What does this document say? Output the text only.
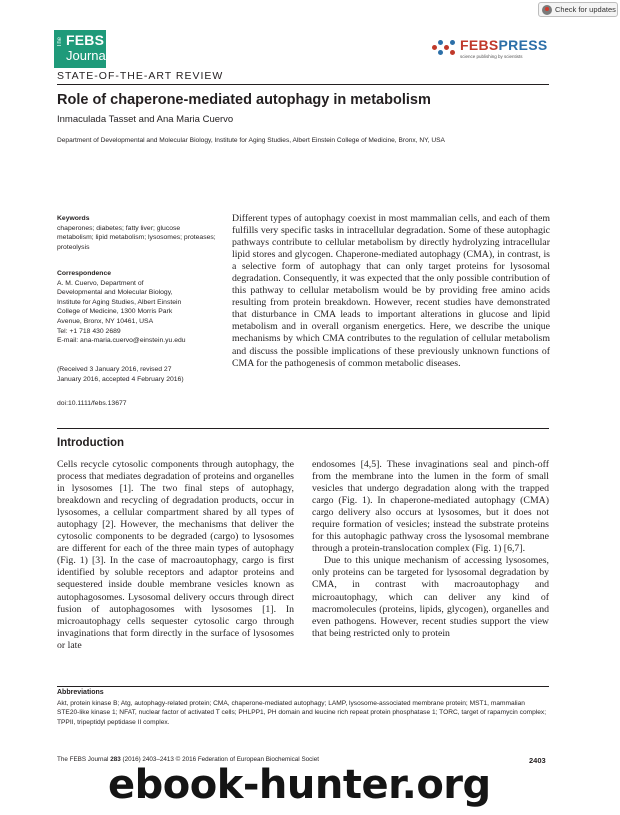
Check for updates
The FEBS
Journal
FEBSPRESS
science publishing by scientists
STATE-OF-THE-ART REVIEW
Role of chaperone-mediated autophagy in metabolism
Inmaculada Tasset and Ana Maria Cuervo
Department of Developmental and Molecular Biology, Institute for Aging Studies, Albert Einstein College of Medicine, Bronx, NY, USA

Keywords

chaperones; diabetes; fatty liver; glucose metabolism; lipid metabolism; lysosomes; proteases; proteolysis

Correspondence

A. M. Cuervo, Department of

Developmental and Molecular Biology,

Institute for Aging Studies, Albert Einstein

College of Medicine, 1300 Morris Park

Avenue, Bronx, NY 10461, USA

Tel: +1 718 430 2689

E-mail: ana-maria.cuervo@einstein.yu.edu

(Received 3 January 2016, revised 27

January 2016, accepted 4 February 2016)

doi:10.1111/febs.13677
Different types of autophagy coexist in most mammalian cells, and each of them fulfills very specific tasks in intracellular degradation. Some of these autophagic pathways contribute to cellular metabolism by directly hydrolyzing intracellular lipid stores and glycogen. Chaperone-mediated autophagy (CMA), in contrast, is a selective form of autophagy that can only target proteins for lysosomal degradation. Consequently, it was expected that the only possible contribution of this pathway to cellular metabolism would be by providing free amino acids resulting from protein breakdown. However, recent studies have demonstrated that disturbance in CMA leads to important alterations in glucose and lipid metabolism and in overall organism energetics. Here, we describe the unique mechanisms by which CMA contributes to the regulation of cellular metabolism and discuss the possible implications of these previously unknown functions of CMA for the pathogenesis of common metabolic diseases.
Introduction

Cells recycle cytosolic components through autophagy, the process that mediates degradation of proteins and organelles in lysosomes [1]. The two final steps of autophagy, breakdown and recycling of degradation products, occur in lysosomes, a cellular compartment shared by all types of autophagy [2]. However, the mechanisms that deliver the cytosolic components to be degraded (cargo) to lysosomes are different for each of the three main types of autophagy (Fig. 1) [3]. In the case of macroautophagy, cargo is first identified by soluble receptors and adaptor proteins and sequestered inside double membrane vesicles known as autophagosomes. Lysosomal delivery occurs through direct fusion of autophagosomes with lysosomes [1]. In microautophagy cells sequester cytosolic cargo through invaginations that form directly in the surface of lysosomes or late

endosomes [4,5]. These invaginations seal and pinch-off from the membrane into the lumen in the form of small vesicles that undergo degradation along with the trapped cargo (Fig. 1). In chaperone-mediated autophagy (CMA) cargo delivery also occurs at lysosomes, but it does not require formation of vesicles; instead the substrate proteins for this autophagic pathway cross the lysosomal membrane through a protein-translocation complex (Fig. 1) [6,7].

Due to this unique mechanism of accessing lysosomes, only proteins can be targeted for lysosomal degradation by CMA, in contrast with macroautophagy and microautophagy, which can deliver any kind of macromolecules (proteins, lipids, glycogen), organelles and even pathogens. However, recent studies support the view that being restricted only to protein

Abbreviations
Akt, protein kinase B; Atg, autophagy-related protein; CMA, chaperone-mediated autophagy; LAMP, lysosome-associated membrane protein; MST1, mammalian STE20-like kinase 1; NFAT, nuclear factor of activated T cells; PHLPP1, PH domain and leucine rich repeat protein phosphatase 1; TORC, target of rapamycin complex; TPPII, tripeptidyl peptidase II complex.
The FEBS Journal 283 (2016) 2403–2413 © 2016 Federation of European Biochemical Societ	2403
ebook-hunter.org
